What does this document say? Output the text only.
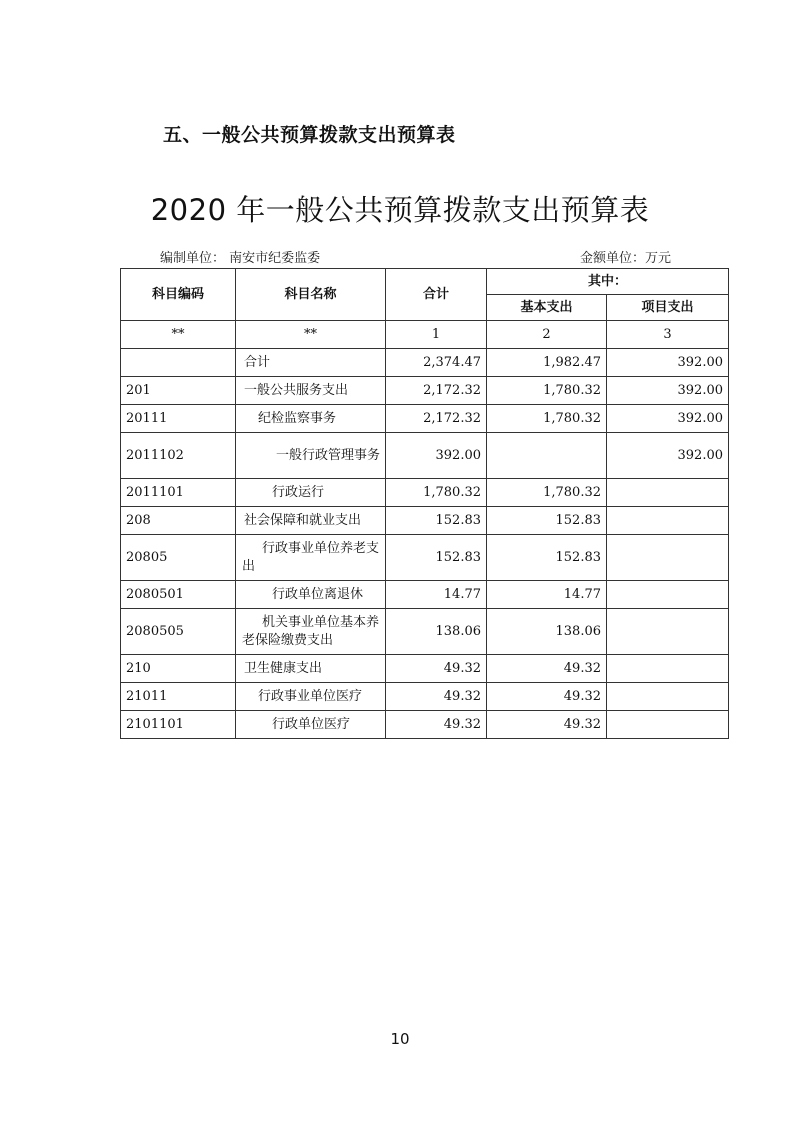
五、一般公共预算拨款支出预算表
2020 年一般公共预算拨款支出预算表
编制单位： 南安市纪委监委	金额单位：万元
科目编码	科目名称	合计	其中：	
			基本支出	项目支出
**	**	1	2	3
	合计	2,374.47	1,982.47	392.00
201	一般公共服务支出	2,172.32	1,780.32	392.00
20111	纪检监察事务	2,172.32	1,780.32	392.00
2011102	一般行政管理事务	392.00		392.00
2011101	行政运行	1,780.32	1,780.32	
208	社会保障和就业支出	152.83	152.83	
20805	行政事业单位养老支出	152.83	152.83	
2080501	行政单位离退休	14.77	14.77	
2080505	机关事业单位基本养老保险缴费支出	138.06	138.06	
210	卫生健康支出	49.32	49.32	
21011	行政事业单位医疗	49.32	49.32	
2101101	行政单位医疗	49.32	49.32	
10
